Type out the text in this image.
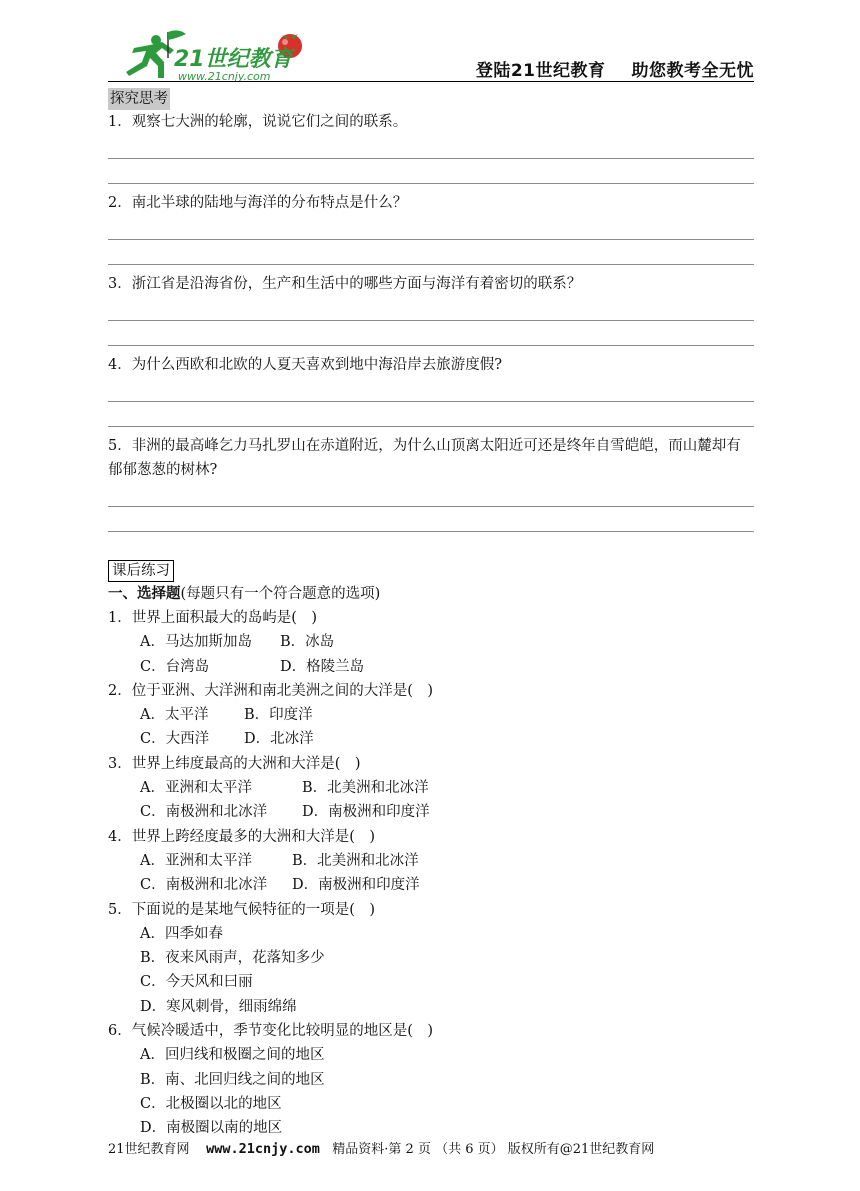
21世纪教育
www.21cnjy.com	登陆21世纪教育 助您教考全无忧
探究思考

1．观察七大洲的轮廓，说说它们之间的联系。

2．南北半球的陆地与海洋的分布特点是什么？

3．浙江省是沿海省份，生产和生活中的哪些方面与海洋有着密切的联系？

4．为什么西欧和北欧的人夏天喜欢到地中海沿岸去旅游度假?

5．非洲的最高峰乞力马扎罗山在赤道附近，为什么山顶离太阳近可还是终年自雪皑皑，而山麓却有郁郁葱葱的树林?

课后练习

一、选择题(每题只有一个符合题意的选项)

1．世界上面积最大的岛屿是(　)

A．马达加斯加岛 B．冰岛

C．台湾岛	D．格陵兰岛

2．位于亚洲、大洋洲和南北美洲之间的大洋是(　)

A．太平洋 B．印度洋

C．大西洋 D．北冰洋

3．世界上纬度最高的大洲和大洋是(　)

A．亚洲和太平洋	B．北美洲和北冰洋

C．南极洲和北冰洋 D．南极洲和印度洋

4．世界上跨经度最多的大洲和大洋是(　)

A．亚洲和太平洋	B．北美洲和北冰洋

C．南极洲和北冰洋 D．南极洲和印度洋

5．下面说的是某地气候特征的一项是(　)

A．四季如春

B．夜来风雨声，花落知多少

C．今天风和曰丽

D．寒风刺骨，细雨绵绵

6．气候冷暖适中，季节变化比较明显的地区是(　)

A．回归线和极圈之间的地区

B．南、北回归线之间的地区

C．北极圈以北的地区

D．南极圈以南的地区

21世纪教育网 www.21cnjy.com 精品资料·第 2 页 （共 6 页） 版权所有@21世纪教育网
